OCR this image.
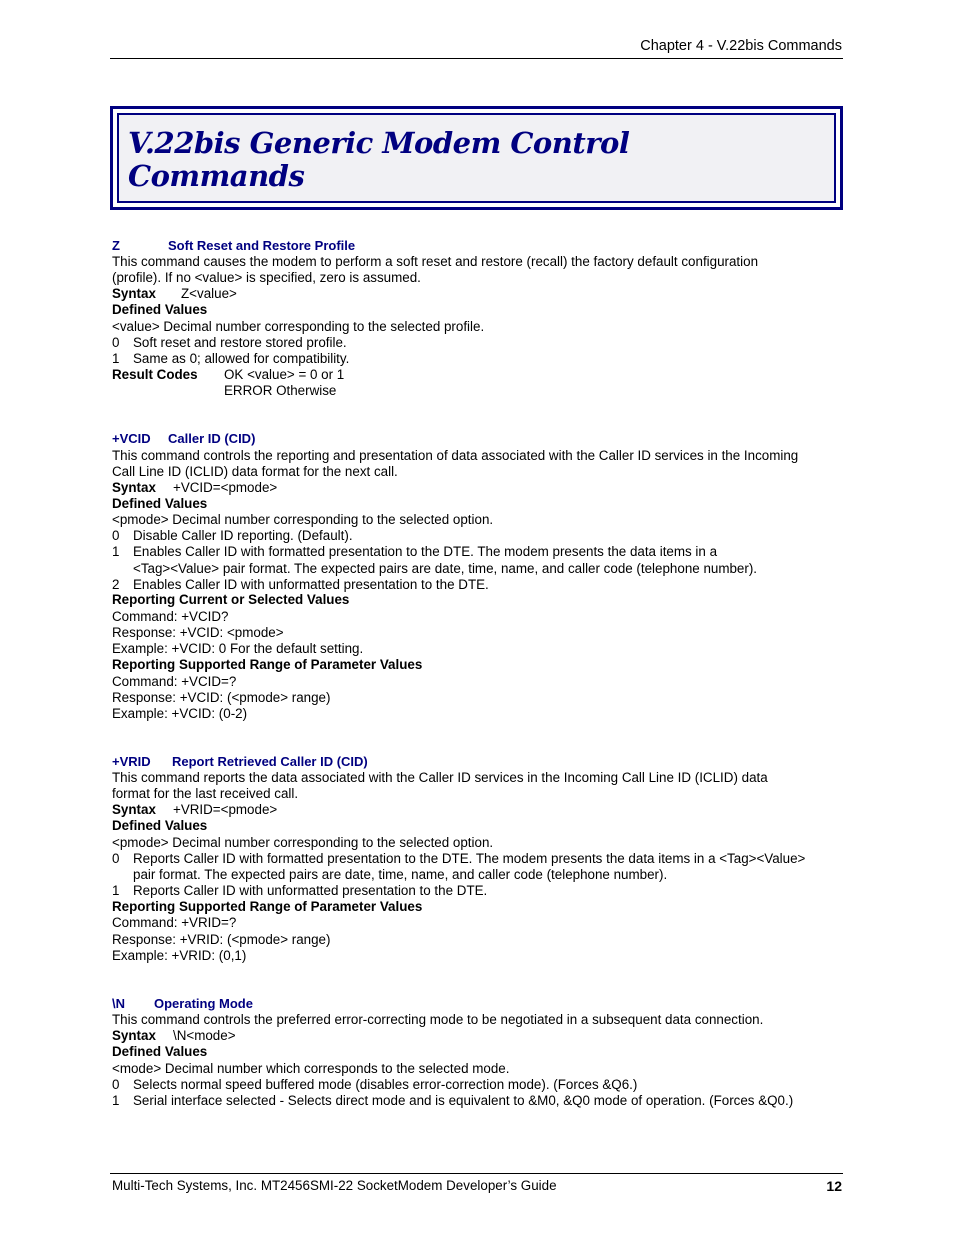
Chapter 4 - V.22bis Commands
V.22bis Generic Modem Control
Commands
Z	Soft Reset and Restore Profile
This command causes the modem to perform a soft reset and restore (recall) the factory default configuration
(profile). If no <value> is specified, zero is assumed.
Syntax Z<value>
Defined Values
<value> Decimal number corresponding to the selected profile.
0 Soft reset and restore stored profile.
1 Same as 0; allowed for compatibility.
Result Codes OK <value> = 0 or 1
ERROR Otherwise
+VCID Caller ID (CID)
This command controls the reporting and presentation of data associated with the Caller ID services in the Incoming
Call Line ID (ICLID) data format for the next call.
Syntax +VCID=<pmode>
Defined Values
<pmode> Decimal number corresponding to the selected option.
0 Disable Caller ID reporting. (Default).
1 Enables Caller ID with formatted presentation to the DTE. The modem presents the data items in a
<Tag><Value> pair format. The expected pairs are date, time, name, and caller code (telephone number).
2 Enables Caller ID with unformatted presentation to the DTE.
Reporting Current or Selected Values
Command: +VCID?
Response: +VCID: <pmode>
Example: +VCID: 0 For the default setting.
Reporting Supported Range of Parameter Values
Command: +VCID=?
Response: +VCID: (<pmode> range)
Example: +VCID: (0-2)
+VRID Report Retrieved Caller ID (CID)
This command reports the data associated with the Caller ID services in the Incoming Call Line ID (ICLID) data
format for the last received call.
Syntax +VRID=<pmode>
Defined Values
<pmode> Decimal number corresponding to the selected option.
0 Reports Caller ID with formatted presentation to the DTE. The modem presents the data items in a <Tag><Value>
pair format. The expected pairs are date, time, name, and caller code (telephone number).
1 Reports Caller ID with unformatted presentation to the DTE.
Reporting Supported Range of Parameter Values
Command: +VRID=?
Response: +VRID: (<pmode> range)
Example: +VRID: (0,1)
\N Operating Mode
This command controls the preferred error-correcting mode to be negotiated in a subsequent data connection.
Syntax \N<mode>
Defined Values
<mode> Decimal number which corresponds to the selected mode.
0 Selects normal speed buffered mode (disables error-correction mode). (Forces &Q6.)
1 Serial interface selected - Selects direct mode and is equivalent to &M0, &Q0 mode of operation. (Forces &Q0.)
Multi-Tech Systems, Inc. MT2456SMI-22 SocketModem Developer’s Guide	12
